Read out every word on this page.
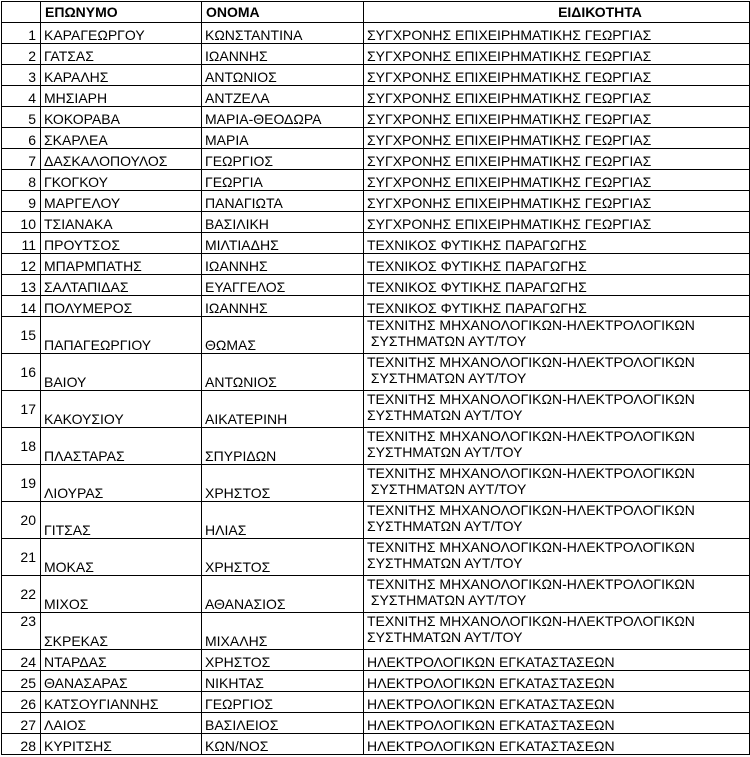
	ΕΠΩΝΥΜΟ	ΟΝΟΜΑ	ΕΙΔΙΚΟΤΗΤΑ
1	ΚΑΡΑΓΕΩΡΓΟΥ	ΚΩΝΣΤΑΝΤΙΝΑ	ΣΥΓΧΡΟΝΗΣ ΕΠΙΧΕΙΡΗΜΑΤΙΚΗΣ ΓΕΩΡΓΙΑΣ

2	ΓΑΤΣΑΣ	ΙΩΑΝΝΗΣ	ΣΥΓΧΡΟΝΗΣ ΕΠΙΧΕΙΡΗΜΑΤΙΚΗΣ ΓΕΩΡΓΙΑΣ

3	ΚΑΡΑΛΗΣ	ΑΝΤΩΝΙΟΣ	ΣΥΓΧΡΟΝΗΣ ΕΠΙΧΕΙΡΗΜΑΤΙΚΗΣ ΓΕΩΡΓΙΑΣ

4	ΜΗΣΙΑΡΗ	ΑΝΤΖΕΛΑ	ΣΥΓΧΡΟΝΗΣ ΕΠΙΧΕΙΡΗΜΑΤΙΚΗΣ ΓΕΩΡΓΙΑΣ

5	ΚΟΚΟΡΑΒΑ	ΜΑΡΙΑ-ΘΕΟΔΩΡΑ	ΣΥΓΧΡΟΝΗΣ ΕΠΙΧΕΙΡΗΜΑΤΙΚΗΣ ΓΕΩΡΓΙΑΣ

6	ΣΚΑΡΛΕΑ	ΜΑΡΙΑ	ΣΥΓΧΡΟΝΗΣ ΕΠΙΧΕΙΡΗΜΑΤΙΚΗΣ ΓΕΩΡΓΙΑΣ

7	ΔΑΣΚΑΛΟΠΟΥΛΟΣ	ΓΕΩΡΓΙΟΣ	ΣΥΓΧΡΟΝΗΣ ΕΠΙΧΕΙΡΗΜΑΤΙΚΗΣ ΓΕΩΡΓΙΑΣ

8	ΓΚΟΓΚΟΥ	ΓΕΩΡΓΙΑ	ΣΥΓΧΡΟΝΗΣ ΕΠΙΧΕΙΡΗΜΑΤΙΚΗΣ ΓΕΩΡΓΙΑΣ

9	ΜΑΡΓΕΛΟΥ	ΠΑΝΑΓΙΩΤΑ	ΣΥΓΧΡΟΝΗΣ ΕΠΙΧΕΙΡΗΜΑΤΙΚΗΣ ΓΕΩΡΓΙΑΣ

10	ΤΣΙΑΝΑΚΑ	ΒΑΣΙΛΙΚΗ	ΣΥΓΧΡΟΝΗΣ ΕΠΙΧΕΙΡΗΜΑΤΙΚΗΣ ΓΕΩΡΓΙΑΣ

11	ΠΡΟΥΤΣΟΣ	ΜΙΛΤΙΑΔΗΣ	ΤΕΧΝΙΚΟΣ ΦΥΤΙΚΗΣ ΠΑΡΑΓΩΓΗΣ

12	ΜΠΑΡΜΠΑΤΗΣ	ΙΩΑΝΝΗΣ	ΤΕΧΝΙΚΟΣ ΦΥΤΙΚΗΣ ΠΑΡΑΓΩΓΗΣ

13	ΣΑΛΤΑΠΙΔΑΣ	ΕΥΑΓΓΕΛΟΣ	ΤΕΧΝΙΚΟΣ ΦΥΤΙΚΗΣ ΠΑΡΑΓΩΓΗΣ

14	ΠΟΛΥΜΕΡΟΣ	ΙΩΑΝΝΗΣ	ΤΕΧΝΙΚΟΣ ΦΥΤΙΚΗΣ ΠΑΡΑΓΩΓΗΣ

15	ΠΑΠΑΓΕΩΡΓΙΟΥ	ΘΩΜΑΣ	ΤΕΧΝΙΤΗΣ ΜΗΧΑΝΟΛΟΓΙΚΩΝ-ΗΛΕΚΤΡΟΛΟΓΙΚΩΝ
ΣΥΣΤΗΜΑΤΩΝ ΑΥΤ/ΤΟΥ

16	ΒΑΙΟΥ	ΑΝΤΩΝΙΟΣ	ΤΕΧΝΙΤΗΣ ΜΗΧΑΝΟΛΟΓΙΚΩΝ-ΗΛΕΚΤΡΟΛΟΓΙΚΩΝ
ΣΥΣΤΗΜΑΤΩΝ ΑΥΤ/ΤΟΥ

17	ΚΑΚΟΥΣΙΟΥ	ΑΙΚΑΤΕΡΙΝΗ	ΤΕΧΝΙΤΗΣ ΜΗΧΑΝΟΛΟΓΙΚΩΝ-ΗΛΕΚΤΡΟΛΟΓΙΚΩΝ
ΣΥΣΤΗΜΑΤΩΝ ΑΥΤ/ΤΟΥ

18	ΠΛΑΣΤΑΡΑΣ	ΣΠΥΡΙΔΩΝ	ΤΕΧΝΙΤΗΣ ΜΗΧΑΝΟΛΟΓΙΚΩΝ-ΗΛΕΚΤΡΟΛΟΓΙΚΩΝ
ΣΥΣΤΗΜΑΤΩΝ ΑΥΤ/ΤΟΥ

19	ΛΙΟΥΡΑΣ	ΧΡΗΣΤΟΣ	ΤΕΧΝΙΤΗΣ ΜΗΧΑΝΟΛΟΓΙΚΩΝ-ΗΛΕΚΤΡΟΛΟΓΙΚΩΝ
ΣΥΣΤΗΜΑΤΩΝ ΑΥΤ/ΤΟΥ

20	ΓΙΤΣΑΣ	ΗΛΙΑΣ	ΤΕΧΝΙΤΗΣ ΜΗΧΑΝΟΛΟΓΙΚΩΝ-ΗΛΕΚΤΡΟΛΟΓΙΚΩΝ
ΣΥΣΤΗΜΑΤΩΝ ΑΥΤ/ΤΟΥ

21	ΜΟΚΑΣ	ΧΡΗΣΤΟΣ	ΤΕΧΝΙΤΗΣ ΜΗΧΑΝΟΛΟΓΙΚΩΝ-ΗΛΕΚΤΡΟΛΟΓΙΚΩΝ
ΣΥΣΤΗΜΑΤΩΝ ΑΥΤ/ΤΟΥ

22	ΜΙΧΟΣ	ΑΘΑΝΑΣΙΟΣ	ΤΕΧΝΙΤΗΣ ΜΗΧΑΝΟΛΟΓΙΚΩΝ-ΗΛΕΚΤΡΟΛΟΓΙΚΩΝ
ΣΥΣΤΗΜΑΤΩΝ ΑΥΤ/ΤΟΥ

23	ΣΚΡΕΚΑΣ	ΜΙΧΑΛΗΣ	ΤΕΧΝΙΤΗΣ ΜΗΧΑΝΟΛΟΓΙΚΩΝ-ΗΛΕΚΤΡΟΛΟΓΙΚΩΝ
ΣΥΣΤΗΜΑΤΩΝ ΑΥΤ/ΤΟΥ

24	ΝΤΑΡΔΑΣ	ΧΡΗΣΤΟΣ	ΗΛΕΚΤΡΟΛΟΓΙΚΩΝ ΕΓΚΑΤΑΣΤΑΣΕΩΝ

25	ΘΑΝΑΣΑΡΑΣ	ΝΙΚΗΤΑΣ	ΗΛΕΚΤΡΟΛΟΓΙΚΩΝ ΕΓΚΑΤΑΣΤΑΣΕΩΝ

26	ΚΑΤΣΟΥΓΙΑΝΝΗΣ	ΓΕΩΡΓΙΟΣ	ΗΛΕΚΤΡΟΛΟΓΙΚΩΝ ΕΓΚΑΤΑΣΤΑΣΕΩΝ

27	ΛΑΙΟΣ	ΒΑΣΙΛΕΙΟΣ	ΗΛΕΚΤΡΟΛΟΓΙΚΩΝ ΕΓΚΑΤΑΣΤΑΣΕΩΝ

28	ΚΥΡΙΤΣΗΣ	ΚΩΝ/ΝΟΣ	ΗΛΕΚΤΡΟΛΟΓΙΚΩΝ ΕΓΚΑΤΑΣΤΑΣΕΩΝ
